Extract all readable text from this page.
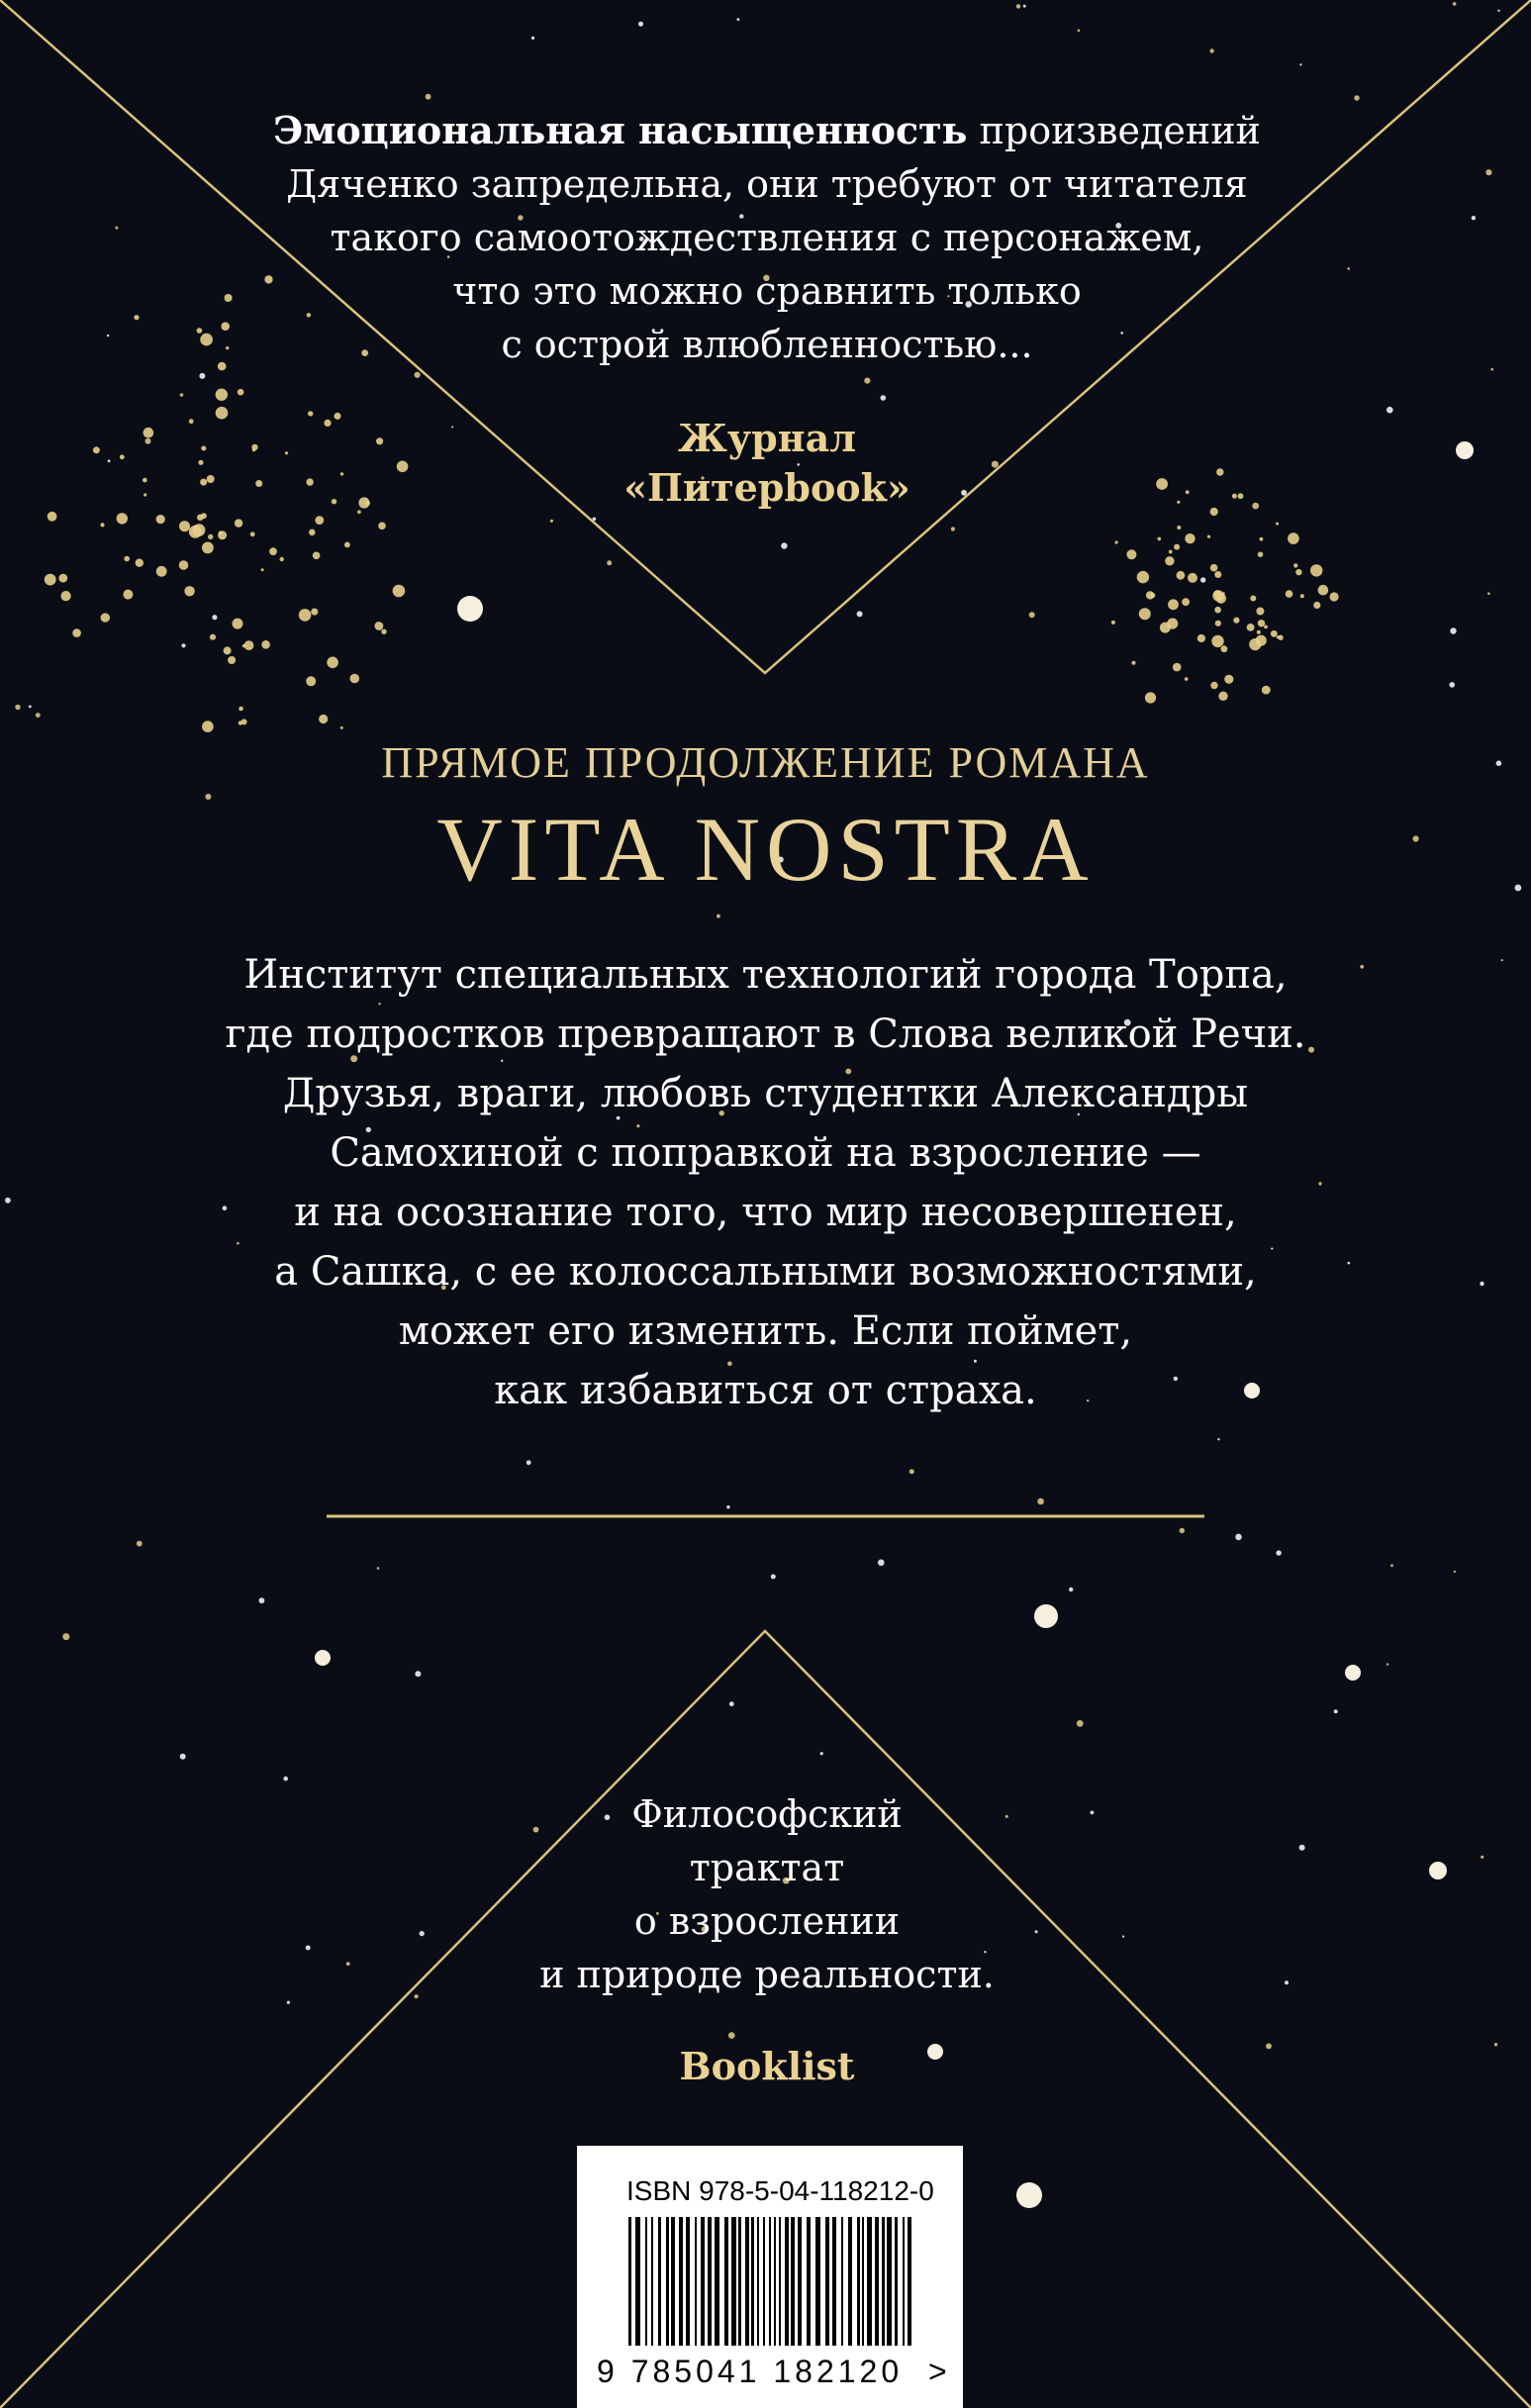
Эмоциональная насыщенность произведений
Дяченко запредельна, они требуют от читателя
такого самоотождествления с персонажем,
что это можно сравнить только
с острой влюбленностью...
Журнал
«Питерbook»
ПРЯМОЕ ПРОДОЛЖЕНИЕ РОМАНА
VITA NOSTRA
Институт специальных технологий города Торпа,
где подростков превращают в Слова великой Речи.
Друзья, враги, любовь студентки Александры
Самохиной с поправкой на взросление —
и на осознание того, что мир несовершенен,
а Сашка, с ее колоссальными возможностями,
может его изменить. Если поймет,
как избавиться от страха.
Философский
трактат
о взрослении
и природе реальности.
Booklist
ISBN 978-5-04-118212-0
9 785041 182120 >
